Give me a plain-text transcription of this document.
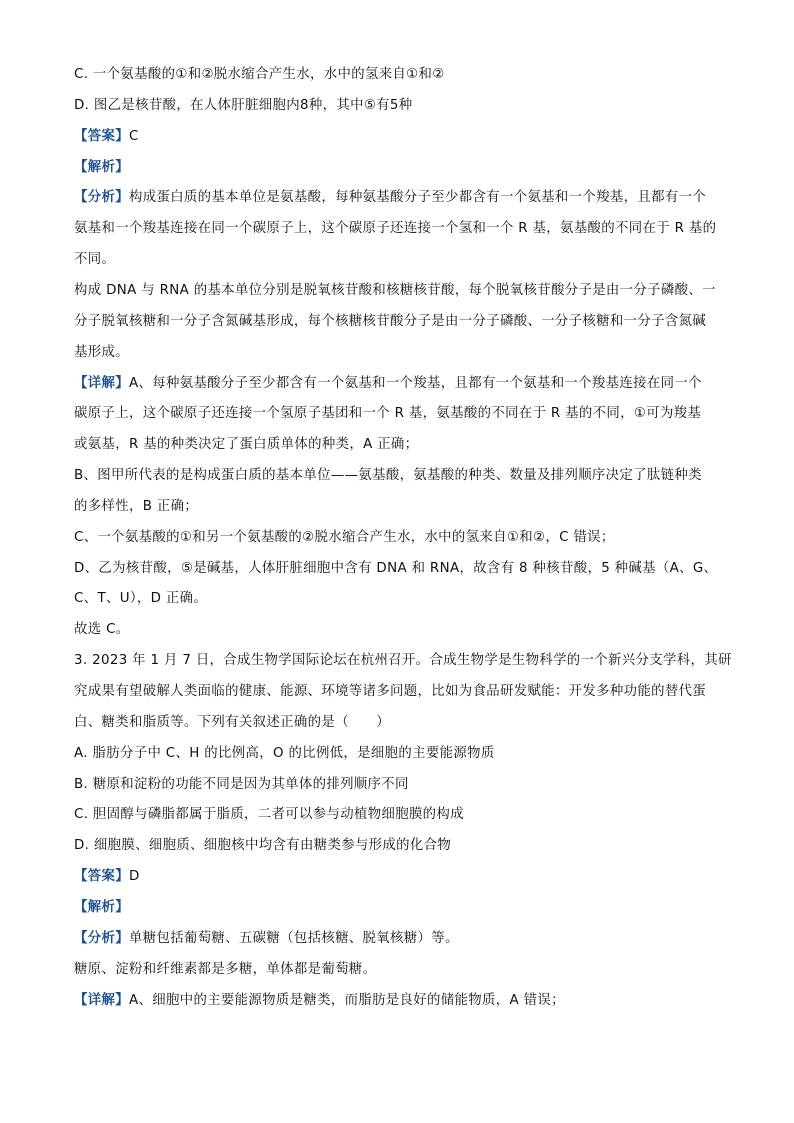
C. 一个氨基酸的①和②脱水缩合产生水，水中的氢来自①和②
D. 图乙是核苷酸，在人体肝脏细胞内8种，其中⑤有5种
【答案】C
【解析】
【分析】构成蛋白质的基本单位是氨基酸，每种氨基酸分子至少都含有一个氨基和一个羧基，且都有一个
氨基和一个羧基连接在同一个碳原子上，这个碳原子还连接一个氢和一个 R 基，氨基酸的不同在于 R 基的
不同。
构成 DNA 与 RNA 的基本单位分别是脱氧核苷酸和核糖核苷酸，每个脱氧核苷酸分子是由一分子磷酸、一
分子脱氧核糖和一分子含氮碱基形成，每个核糖核苷酸分子是由一分子磷酸、一分子核糖和一分子含氮碱
基形成。
【详解】A、每种氨基酸分子至少都含有一个氨基和一个羧基，且都有一个氨基和一个羧基连接在同一个
碳原子上，这个碳原子还连接一个氢原子基团和一个 R 基，氨基酸的不同在于 R 基的不同，①可为羧基
或氨基，R 基的种类决定了蛋白质单体的种类，A 正确；
B、图甲所代表的是构成蛋白质的基本单位——氨基酸，氨基酸的种类、数量及排列顺序决定了肽链种类
的多样性，B 正确；
C、一个氨基酸的①和另一个氨基酸的②脱水缩合产生水，水中的氢来自①和②，C 错误；
D、乙为核苷酸，⑤是碱基，人体肝脏细胞中含有 DNA 和 RNA，故含有 8 种核苷酸，5 种碱基（A、G、
C、T、U），D 正确。
故选 C。
3. 2023 年 1 月 7 日，合成生物学国际论坛在杭州召开。合成生物学是生物科学的一个新兴分支学科，其研
究成果有望破解人类面临的健康、能源、环境等诸多问题，比如为食品研发赋能：开发多种功能的替代蛋
白、糖类和脂质等。下列有关叙述正确的是（　　）
A. 脂肪分子中 C、H 的比例高，O 的比例低，是细胞的主要能源物质
B. 糖原和淀粉的功能不同是因为其单体的排列顺序不同
C. 胆固醇与磷脂都属于脂质，二者可以参与动植物细胞膜的构成
D. 细胞膜、细胞质、细胞核中均含有由糖类参与形成的化合物
【答案】D
【解析】
【分析】单糖包括葡萄糖、五碳糖（包括核糖、脱氧核糖）等。
糖原、淀粉和纤维素都是多糖，单体都是葡萄糖。
【详解】A、细胞中的主要能源物质是糖类，而脂肪是良好的储能物质，A 错误；
